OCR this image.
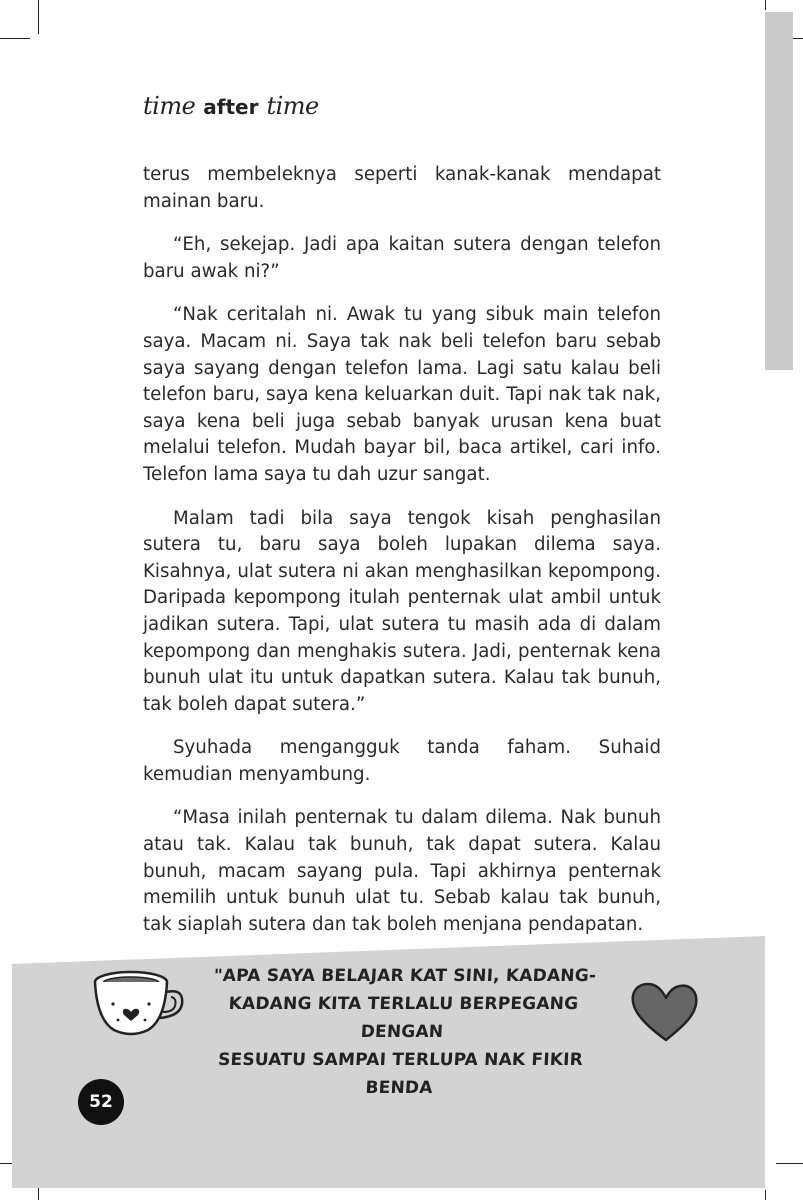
time after time

terus membeleknya seperti kanak-kanak mendapat mainan baru.

“Eh, sekejap. Jadi apa kaitan sutera dengan telefon baru awak ni?”

“Nak ceritalah ni. Awak tu yang sibuk main telefon saya. Macam ni. Saya tak nak beli telefon baru sebab saya sayang dengan telefon lama. Lagi satu kalau beli telefon baru, saya kena keluarkan duit. Tapi nak tak nak, saya kena beli juga sebab banyak urusan kena buat melalui telefon. Mudah bayar bil, baca artikel, cari info. Telefon lama saya tu dah uzur sangat.

Malam tadi bila saya tengok kisah penghasilan sutera tu, baru saya boleh lupakan dilema saya. Kisahnya, ulat sutera ni akan menghasilkan kepompong. Daripada kepompong itulah penternak ulat ambil untuk jadikan sutera. Tapi, ulat sutera tu masih ada di dalam kepompong dan menghakis sutera. Jadi, penternak kena bunuh ulat itu untuk dapatkan sutera. Kalau tak bunuh, tak boleh dapat sutera.”

Syuhada mengangguk tanda faham. Suhaid kemudian menyambung.

“Masa inilah penternak tu dalam dilema. Nak bunuh atau tak. Kalau tak bunuh, tak dapat sutera. Kalau bunuh, macam sayang pula. Tapi akhirnya penternak memilih untuk bunuh ulat tu. Sebab kalau tak bunuh, tak siaplah sutera dan tak boleh menjana pendapatan.

"APA SAYA BELAJAR KAT SINI, KADANG-
KADANG KITA TERLALU BERPEGANG DENGAN
SESUATU SAMPAI TERLUPA NAK FIKIR BENDA
52
